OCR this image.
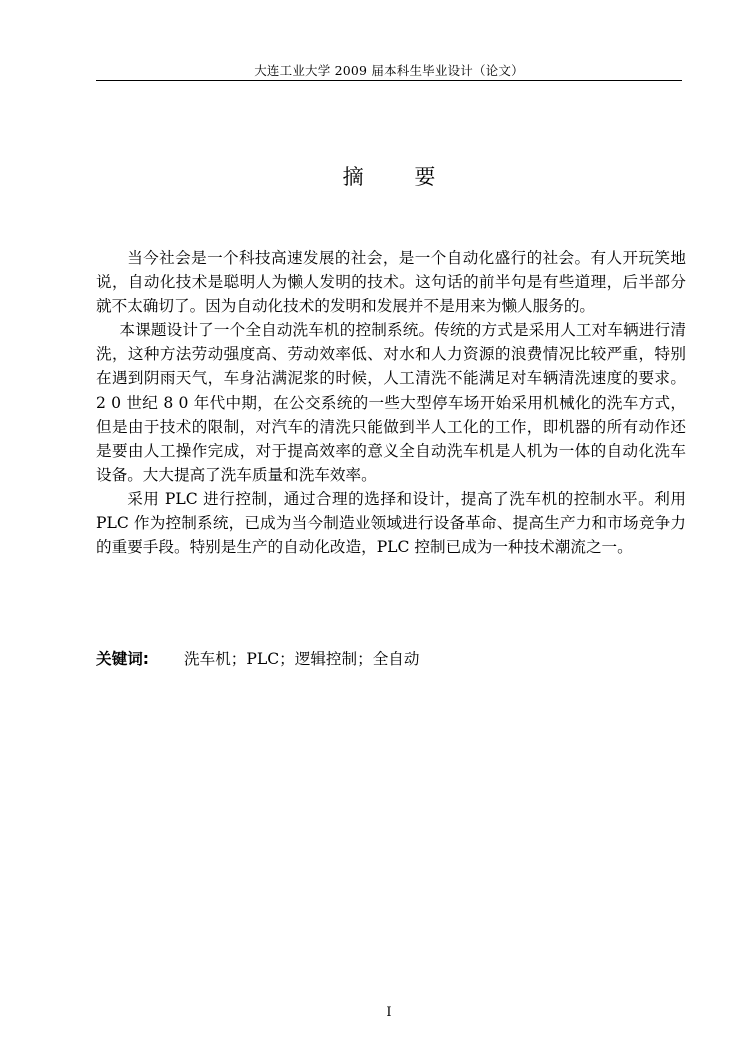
大连工业大学 2009 届本科生毕业设计（论文）
摘 要

当今社会是一个科技高速发展的社会，是一个自动化盛行的社会。有人开玩笑地说，自动化技术是聪明人为懒人发明的技术。这句话的前半句是有些道理，后半部分就不太确切了。因为自动化技术的发明和发展并不是用来为懒人服务的。

本课题设计了一个全自动洗车机的控制系统。传统的方式是采用人工对车辆进行清洗，这种方法劳动强度高、劳动效率低、对水和人力资源的浪费情况比较严重，特别在遇到阴雨天气，车身沾满泥浆的时候，人工清洗不能满足对车辆清洗速度的要求。 2 0 世纪 8 0 年代中期，在公交系统的一些大型停车场开始采用机械化的洗车方式，但是由于技术的限制，对汽车的清洗只能做到半人工化的工作，即机器的所有动作还是要由人工操作完成，对于提高效率的意义全自动洗车机是人机为一体的自动化洗车设备。大大提高了洗车质量和洗车效率。

采用 PLC 进行控制，通过合理的选择和设计，提高了洗车机的控制水平。利用 PLC 作为控制系统，已成为当今制造业领域进行设备革命、提高生产力和市场竞争力的重要手段。特别是生产的自动化改造，PLC 控制已成为一种技术潮流之一。

关键词: 洗车机；PLC；逻辑控制；全自动
I
